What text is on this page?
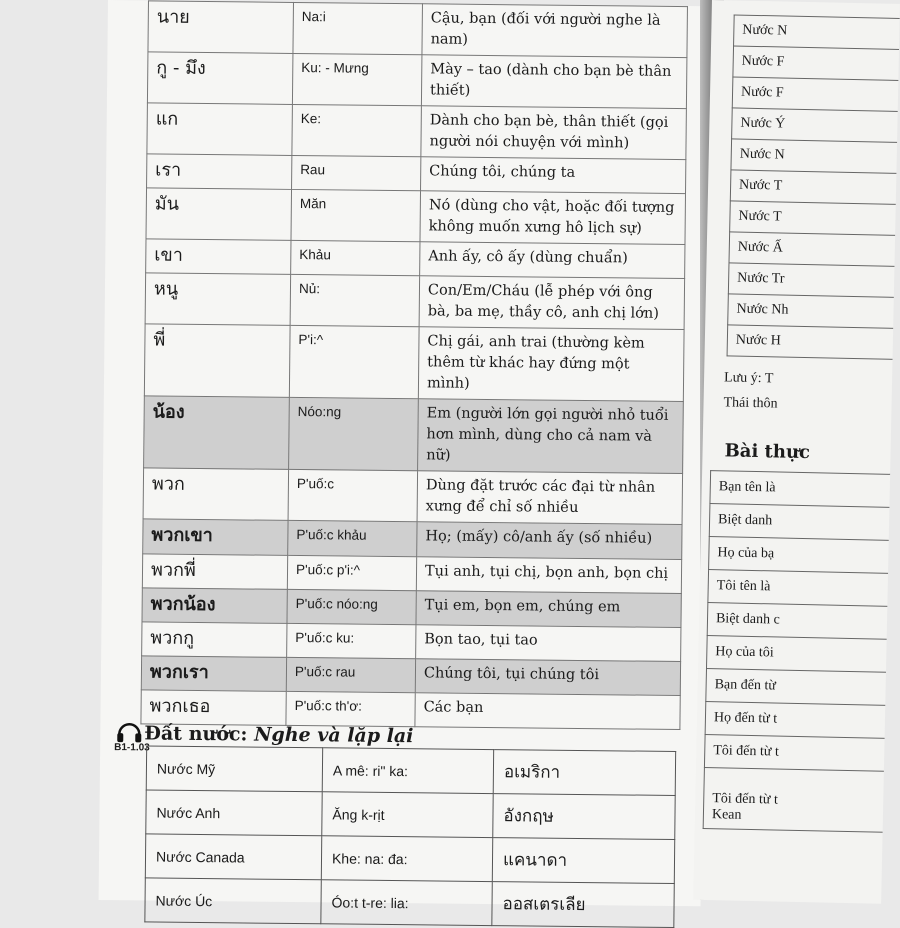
นาย	Na:i	Cậu, bạn (đối với người nghe là nam)
กู - มึง	Ku: - Mưng	Mày – tao (dành cho bạn bè thân thiết)
แก	Ke:	Dành cho bạn bè, thân thiết (gọi người nói chuyện với mình)
เรา	Rau	Chúng tôi, chúng ta
มัน	Măn	Nó (dùng cho vật, hoặc đối tượng không muốn xưng hô lịch sự)
เขา	Khảu	Anh ấy, cô ấy (dùng chuẩn)
หนู	Nủ:	Con/Em/Cháu (lễ phép với ông bà, ba mẹ, thầy cô, anh chị lớn)
พี่	P'i:^	Chị gái, anh trai (thường kèm thêm từ khác hay đứng một mình)
น้อง	Nóo:ng	Em (người lớn gọi người nhỏ tuổi hơn mình, dùng cho cả nam và nữ)
พวก	P'uố:c	Dùng đặt trước các đại từ nhân xưng để chỉ số nhiều
พวกเขา	P'uố:c khảu	Họ; (mấy) cô/anh ấy (số nhiều)
พวกพี่	P'uố:c p'i:^	Tụi anh, tụi chị, bọn anh, bọn chị
พวกน้อง	P'uố:c nóo:ng	Tụi em, bọn em, chúng em
พวกกู	P'uố:c ku:	Bọn tao, tụi tao
พวกเรา	P'uố:c rau	Chúng tôi, tụi chúng tôi
พวกเธอ	P'uố:c th'ơ:	Các bạn
Đất nước: Nghe và lặp lại
B1-1.03
Nước Mỹ	A mê: ri" ka:	อเมริกา
Nước Anh	Ăng k-rịt	อังกฤษ
Nước Canada	Khe: na: đa:	แคนาดา
Nước Úc	Óo:t t-re: lia:	ออสเตรเลีย
Nước N
Nước F
Nước F
Nước Ý
Nước N
Nước T
Nước T
Nước Ấ
Nước Tr
Nước Nh
Nước H
Lưu ý: T
Thái thôn
Bài thực
Bạn tên là
Biệt danh
Họ của bạ
Tôi tên là
Biệt danh c
Họ của tôi
Bạn đến từ
Họ đến từ t
Tôi đến từ t

Tôi đến từ t
Kean
